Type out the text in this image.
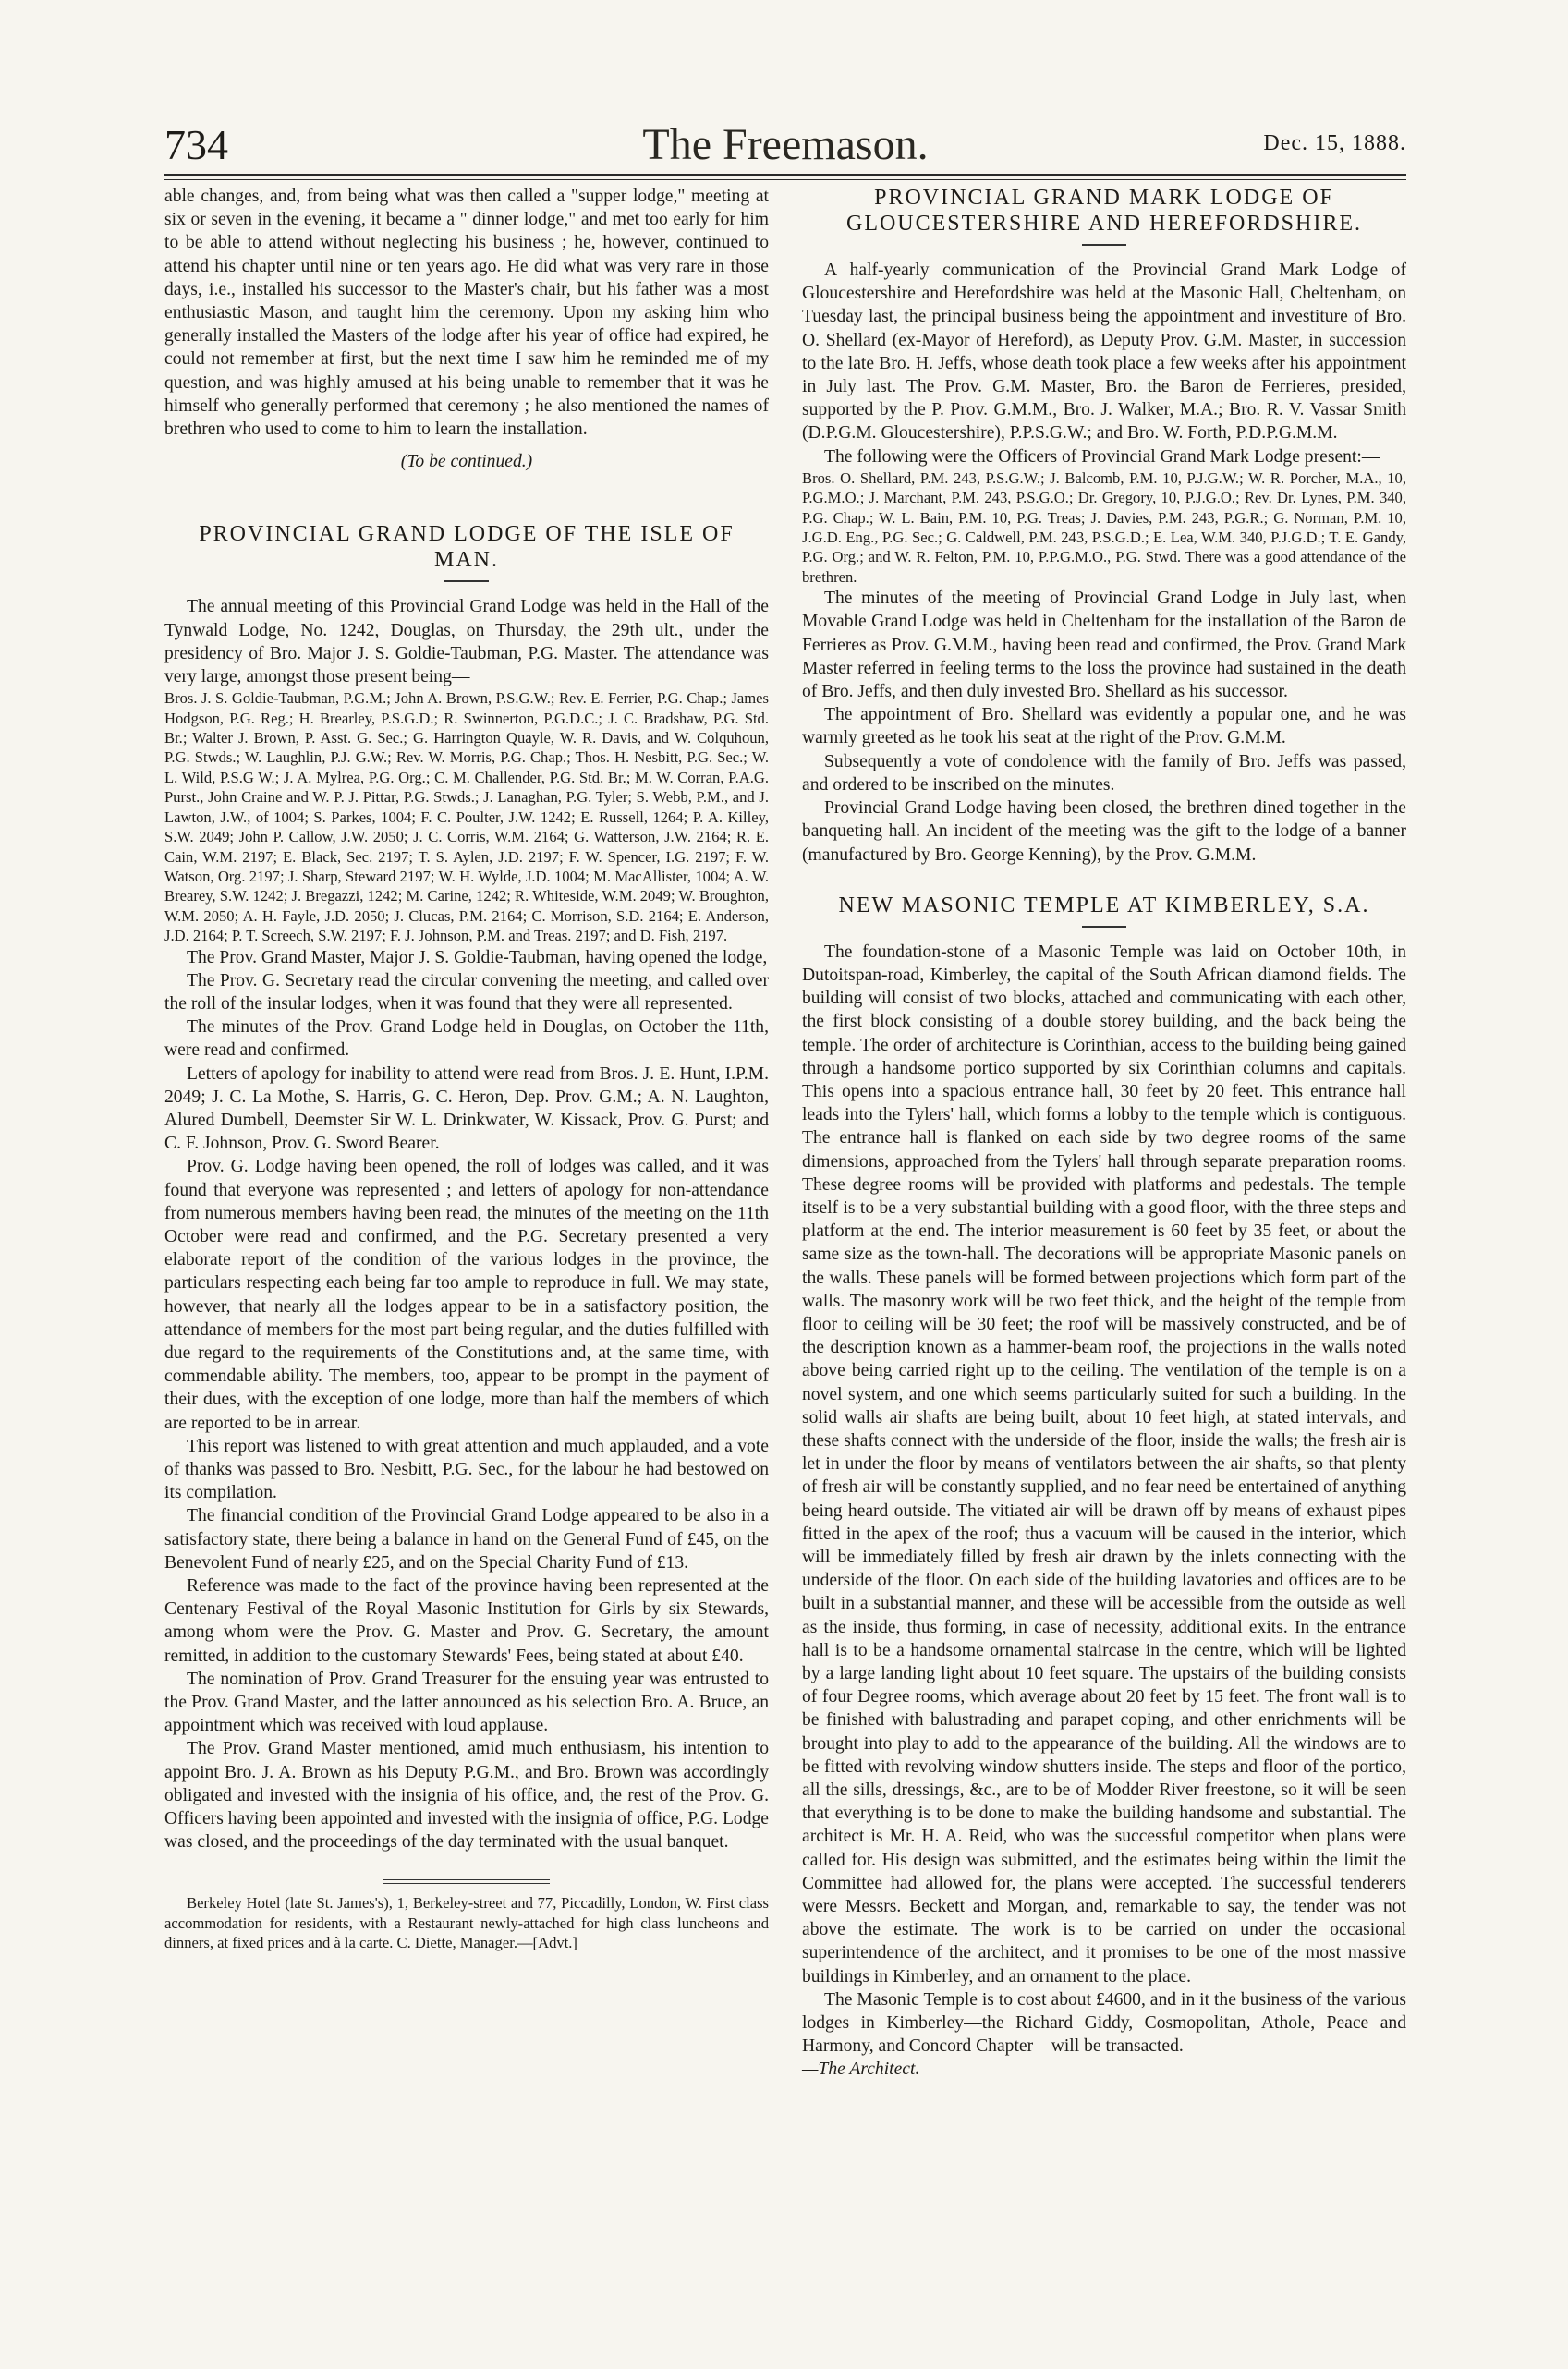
734	The Freemason.	Dec. 15, 1888.

able changes, and, from being what was then called a "supper lodge," meeting at six or seven in the evening, it became a " dinner lodge," and met too early for him to be able to attend without neglecting his business ; he, however, continued to attend his chapter until nine or ten years ago. He did what was very rare in those days, i.e., installed his successor to the Master's chair, but his father was a most enthusiastic Mason, and taught him the ceremony. Upon my asking him who generally installed the Masters of the lodge after his year of office had expired, he could not remember at first, but the next time I saw him he reminded me of my question, and was highly amused at his being unable to remember that it was he himself who generally performed that ceremony ; he also mentioned the names of brethren who used to come to him to learn the installation.

(To be continued.)

PROVINCIAL GRAND LODGE OF THE ISLE OF MAN.

The annual meeting of this Provincial Grand Lodge was held in the Hall of the Tynwald Lodge, No. 1242, Douglas, on Thursday, the 29th ult., under the presidency of Bro. Major J. S. Goldie-Taubman, P.G. Master. The attendance was very large, amongst those present being—

Bros. J. S. Goldie-Taubman, P.G.M.; John A. Brown, P.S.G.W.; Rev. E. Ferrier, P.G. Chap.; James Hodgson, P.G. Reg.; H. Brearley, P.S.G.D.; R. Swinnerton, P.G.D.C.; J. C. Bradshaw, P.G. Std. Br.; Walter J. Brown, P. Asst. G. Sec.; G. Harrington Quayle, W. R. Davis, and W. Colquhoun, P.G. Stwds.; W. Laughlin, P.J. G.W.; Rev. W. Morris, P.G. Chap.; Thos. H. Nesbitt, P.G. Sec.; W. L. Wild, P.S.G W.; J. A. Mylrea, P.G. Org.; C. M. Challender, P.G. Std. Br.; M. W. Corran, P.A.G. Purst., John Craine and W. P. J. Pittar, P.G. Stwds.; J. Lanaghan, P.G. Tyler; S. Webb, P.M., and J. Lawton, J.W., of 1004; S. Parkes, 1004; F. C. Poulter, J.W. 1242; E. Russell, 1264; P. A. Killey, S.W. 2049; John P. Callow, J.W. 2050; J. C. Corris, W.M. 2164; G. Watterson, J.W. 2164; R. E. Cain, W.M. 2197; E. Black, Sec. 2197; T. S. Aylen, J.D. 2197; F. W. Spencer, I.G. 2197; F. W. Watson, Org. 2197; J. Sharp, Steward 2197; W. H. Wylde, J.D. 1004; M. MacAllister, 1004; A. W. Brearey, S.W. 1242; J. Bregazzi, 1242; M. Carine, 1242; R. Whiteside, W.M. 2049; W. Broughton, W.M. 2050; A. H. Fayle, J.D. 2050; J. Clucas, P.M. 2164; C. Morrison, S.D. 2164; E. Anderson, J.D. 2164; P. T. Screech, S.W. 2197; F. J. Johnson, P.M. and Treas. 2197; and D. Fish, 2197.

The Prov. Grand Master, Major J. S. Goldie-Taubman, having opened the lodge,

The Prov. G. Secretary read the circular convening the meeting, and called over the roll of the insular lodges, when it was found that they were all represented.

The minutes of the Prov. Grand Lodge held in Douglas, on October the 11th, were read and confirmed.

Letters of apology for inability to attend were read from Bros. J. E. Hunt, I.P.M. 2049; J. C. La Mothe, S. Harris, G. C. Heron, Dep. Prov. G.M.; A. N. Laughton, Alured Dumbell, Deemster Sir W. L. Drinkwater, W. Kissack, Prov. G. Purst; and C. F. Johnson, Prov. G. Sword Bearer.

Prov. G. Lodge having been opened, the roll of lodges was called, and it was found that everyone was represented ; and letters of apology for non-attendance from numerous members having been read, the minutes of the meeting on the 11th October were read and confirmed, and the P.G. Secretary presented a very elaborate report of the condition of the various lodges in the province, the particulars respecting each being far too ample to reproduce in full. We may state, however, that nearly all the lodges appear to be in a satisfactory position, the attendance of members for the most part being regular, and the duties fulfilled with due regard to the requirements of the Constitutions and, at the same time, with commendable ability. The members, too, appear to be prompt in the payment of their dues, with the exception of one lodge, more than half the members of which are reported to be in arrear.

This report was listened to with great attention and much applauded, and a vote of thanks was passed to Bro. Nesbitt, P.G. Sec., for the labour he had bestowed on its compilation.

The financial condition of the Provincial Grand Lodge appeared to be also in a satisfactory state, there being a balance in hand on the General Fund of £45, on the Benevolent Fund of nearly £25, and on the Special Charity Fund of £13.

Reference was made to the fact of the province having been represented at the Centenary Festival of the Royal Masonic Institution for Girls by six Stewards, among whom were the Prov. G. Master and Prov. G. Secretary, the amount remitted, in addition to the customary Stewards' Fees, being stated at about £40.

The nomination of Prov. Grand Treasurer for the ensuing year was entrusted to the Prov. Grand Master, and the latter announced as his selection Bro. A. Bruce, an appointment which was received with loud applause.

The Prov. Grand Master mentioned, amid much enthusiasm, his intention to appoint Bro. J. A. Brown as his Deputy P.G.M., and Bro. Brown was accordingly obligated and invested with the insignia of his office, and, the rest of the Prov. G. Officers having been appointed and invested with the insignia of office, P.G. Lodge was closed, and the proceedings of the day terminated with the usual banquet.

Berkeley Hotel (late St. James's), 1, Berkeley-street and 77, Piccadilly, London, W. First class accommodation for residents, with a Restaurant newly-attached for high class luncheons and dinners, at fixed prices and à la carte. C. Diette, Manager.—[Advt.]

PROVINCIAL GRAND MARK LODGE OF GLOUCESTERSHIRE AND HEREFORDSHIRE.

A half-yearly communication of the Provincial Grand Mark Lodge of Gloucestershire and Herefordshire was held at the Masonic Hall, Cheltenham, on Tuesday last, the principal business being the appointment and investiture of Bro. O. Shellard (ex-Mayor of Hereford), as Deputy Prov. G.M. Master, in succession to the late Bro. H. Jeffs, whose death took place a few weeks after his appointment in July last. The Prov. G.M. Master, Bro. the Baron de Ferrieres, presided, supported by the P. Prov. G.M.M., Bro. J. Walker, M.A.; Bro. R. V. Vassar Smith (D.P.G.M. Gloucestershire), P.P.S.G.W.; and Bro. W. Forth, P.D.P.G.M.M.

The following were the Officers of Provincial Grand Mark Lodge present:—

Bros. O. Shellard, P.M. 243, P.S.G.W.; J. Balcomb, P.M. 10, P.J.G.W.; W. R. Porcher, M.A., 10, P.G.M.O.; J. Marchant, P.M. 243, P.S.G.O.; Dr. Gregory, 10, P.J.G.O.; Rev. Dr. Lynes, P.M. 340, P.G. Chap.; W. L. Bain, P.M. 10, P.G. Treas; J. Davies, P.M. 243, P.G.R.; G. Norman, P.M. 10, J.G.D. Eng., P.G. Sec.; G. Caldwell, P.M. 243, P.S.G.D.; E. Lea, W.M. 340, P.J.G.D.; T. E. Gandy, P.G. Org.; and W. R. Felton, P.M. 10, P.P.G.M.O., P.G. Stwd. There was a good attendance of the brethren.

The minutes of the meeting of Provincial Grand Lodge in July last, when Movable Grand Lodge was held in Cheltenham for the installation of the Baron de Ferrieres as Prov. G.M.M., having been read and confirmed, the Prov. Grand Mark Master referred in feeling terms to the loss the province had sustained in the death of Bro. Jeffs, and then duly invested Bro. Shellard as his successor.

The appointment of Bro. Shellard was evidently a popular one, and he was warmly greeted as he took his seat at the right of the Prov. G.M.M.

Subsequently a vote of condolence with the family of Bro. Jeffs was passed, and ordered to be inscribed on the minutes.

Provincial Grand Lodge having been closed, the brethren dined together in the banqueting hall. An incident of the meeting was the gift to the lodge of a banner (manufactured by Bro. George Kenning), by the Prov. G.M.M.

NEW MASONIC TEMPLE AT KIMBERLEY, S.A.

The foundation-stone of a Masonic Temple was laid on October 10th, in Dutoitspan-road, Kimberley, the capital of the South African diamond fields. The building will consist of two blocks, attached and communicating with each other, the first block consisting of a double storey building, and the back being the temple. The order of architecture is Corinthian, access to the building being gained through a handsome portico supported by six Corinthian columns and capitals. This opens into a spacious entrance hall, 30 feet by 20 feet. This entrance hall leads into the Tylers' hall, which forms a lobby to the temple which is contiguous. The entrance hall is flanked on each side by two degree rooms of the same dimensions, approached from the Tylers' hall through separate preparation rooms. These degree rooms will be provided with platforms and pedestals. The temple itself is to be a very substantial building with a good floor, with the three steps and platform at the end. The interior measurement is 60 feet by 35 feet, or about the same size as the town-hall. The decorations will be appropriate Masonic panels on the walls. These panels will be formed between projections which form part of the walls. The masonry work will be two feet thick, and the height of the temple from floor to ceiling will be 30 feet; the roof will be massively constructed, and be of the description known as a hammer-beam roof, the projections in the walls noted above being carried right up to the ceiling. The ventilation of the temple is on a novel system, and one which seems particularly suited for such a building. In the solid walls air shafts are being built, about 10 feet high, at stated intervals, and these shafts connect with the underside of the floor, inside the walls; the fresh air is let in under the floor by means of ventilators between the air shafts, so that plenty of fresh air will be constantly supplied, and no fear need be entertained of anything being heard outside. The vitiated air will be drawn off by means of exhaust pipes fitted in the apex of the roof; thus a vacuum will be caused in the interior, which will be immediately filled by fresh air drawn by the inlets connecting with the underside of the floor. On each side of the building lavatories and offices are to be built in a substantial manner, and these will be accessible from the outside as well as the inside, thus forming, in case of necessity, additional exits. In the entrance hall is to be a handsome ornamental staircase in the centre, which will be lighted by a large landing light about 10 feet square. The upstairs of the building consists of four Degree rooms, which average about 20 feet by 15 feet. The front wall is to be finished with balustrading and parapet coping, and other enrichments will be brought into play to add to the appearance of the building. All the windows are to be fitted with revolving window shutters inside. The steps and floor of the portico, all the sills, dressings, &c., are to be of Modder River freestone, so it will be seen that everything is to be done to make the building handsome and substantial. The architect is Mr. H. A. Reid, who was the successful competitor when plans were called for. His design was submitted, and the estimates being within the limit the Committee had allowed for, the plans were accepted. The successful tenderers were Messrs. Beckett and Morgan, and, remarkable to say, the tender was not above the estimate. The work is to be carried on under the occasional superintendence of the architect, and it promises to be one of the most massive buildings in Kimberley, and an ornament to the place.

The Masonic Temple is to cost about £4600, and in it the business of the various lodges in Kimberley—the Richard Giddy, Cosmopolitan, Athole, Peace and Harmony, and Concord Chapter—will be transacted.

—The Architect.
